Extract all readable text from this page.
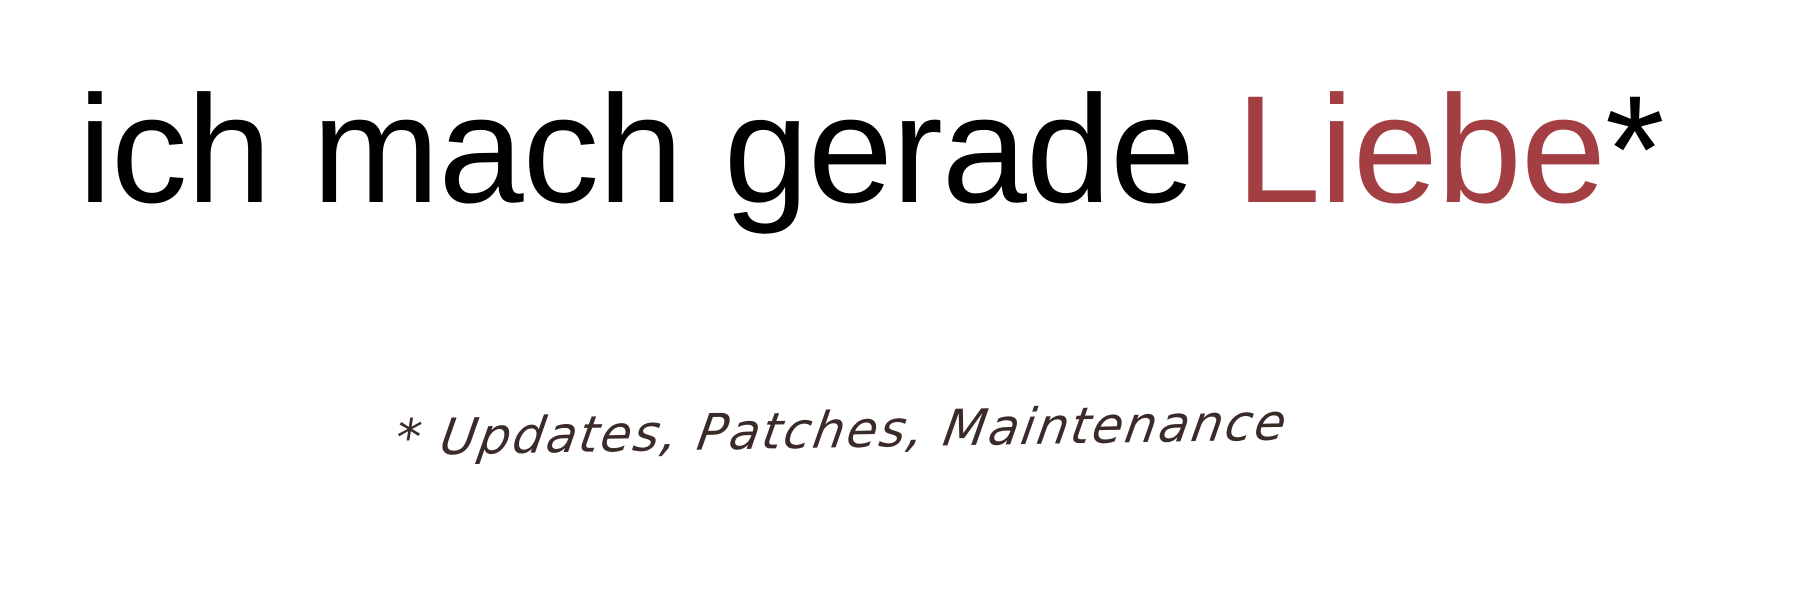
ich mach gerade Liebe*

* Updates, Patches, Maintenance
